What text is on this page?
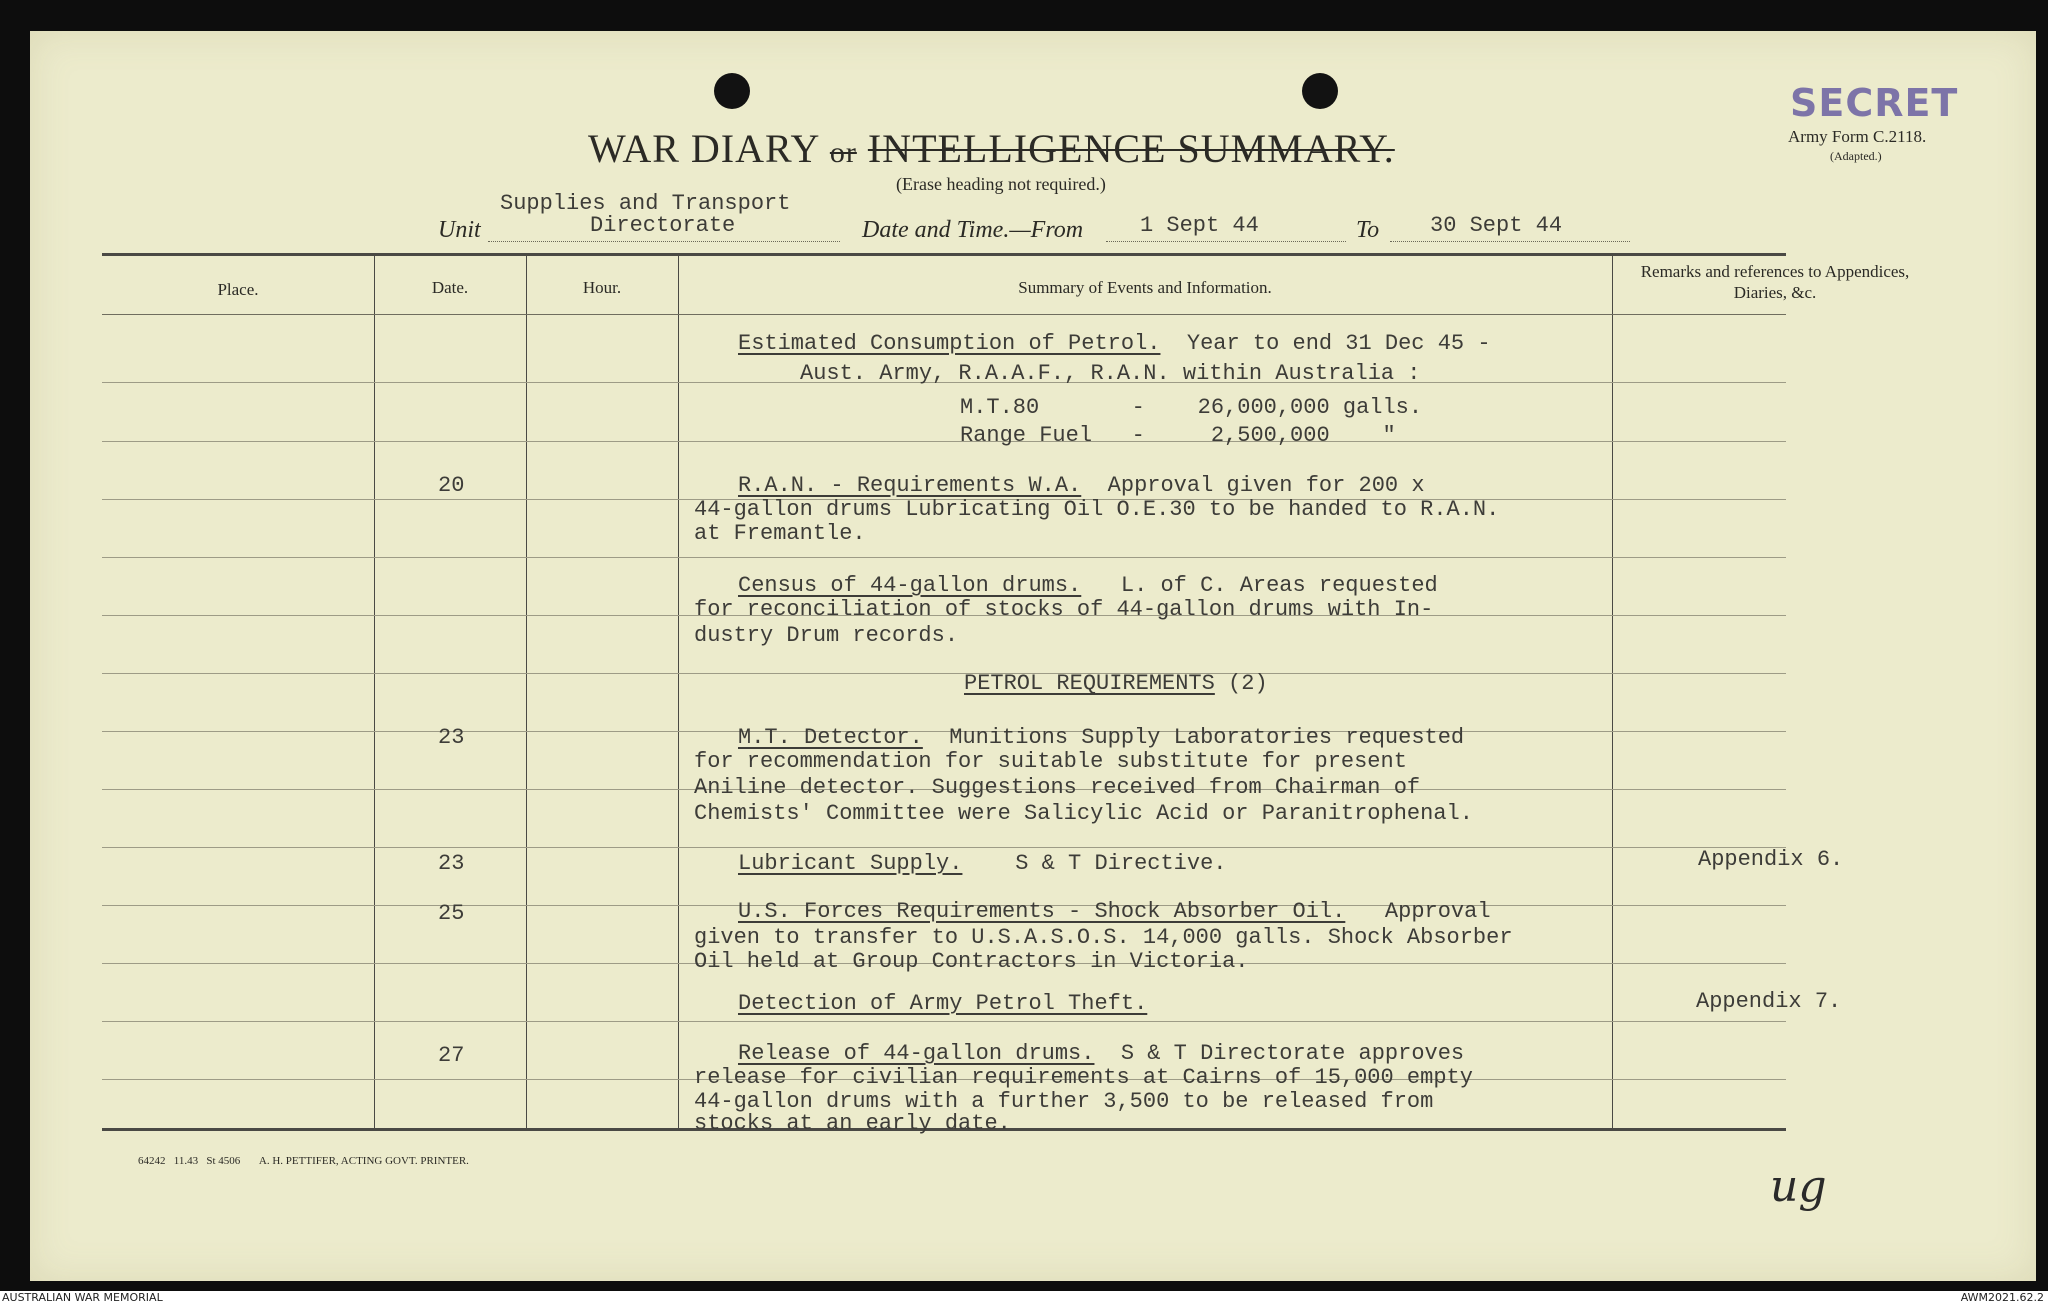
WAR DIARY or INTELLIGENCE SUMMARY.
(Erase heading not required.)
SECRET
Army Form C.2118.
(Adapted.)
Supplies and Transport
Unit	Directorate	Date and Time.—From	1 Sept 44	To 30 Sept 44
Place.	Date.	Hour.	Summary of Events and Information.
Remarks and references to Appendices, Diaries, &c.
Estimated Consumption of Petrol. Year to end 31 Dec 45 -
Aust. Army, R.A.A.F., R.A.N. within Australia :
M.T.80       -    26,000,000 galls.
Range Fuel   -     2,500,000    "
20	R.A.N. - Requirements W.A. Approval given for 200 x
44-gallon drums Lubricating Oil O.E.30 to be handed to R.A.N.
at Fremantle.
Census of 44-gallon drums. L. of C. Areas requested
for reconciliation of stocks of 44-gallon drums with In-
dustry Drum records.
PETROL REQUIREMENTS (2)
23	M.T. Detector. Munitions Supply Laboratories requested
for recommendation for suitable substitute for present
Aniline detector. Suggestions received from Chairman of
Chemists' Committee were Salicylic Acid or Paranitrophenal.
23	Lubricant Supply. S & T Directive.	Appendix 6.
25	U.S. Forces Requirements - Shock Absorber Oil. Approval
given to transfer to U.S.A.S.O.S. 14,000 galls. Shock Absorber
Oil held at Group Contractors in Victoria.
Detection of Army Petrol Theft.	Appendix 7.
27	Release of 44-gallon drums. S & T Directorate approves
release for civilian requirements at Cairns of 15,000 empty
44-gallon drums with a further 3,500 to be released from
stocks at an early date.
64242   11.43   St 4506       A. H. PETTIFER, ACTING GOVT. PRINTER.	ug
AUSTRALIAN WAR MEMORIAL	AWM2021.62.2
